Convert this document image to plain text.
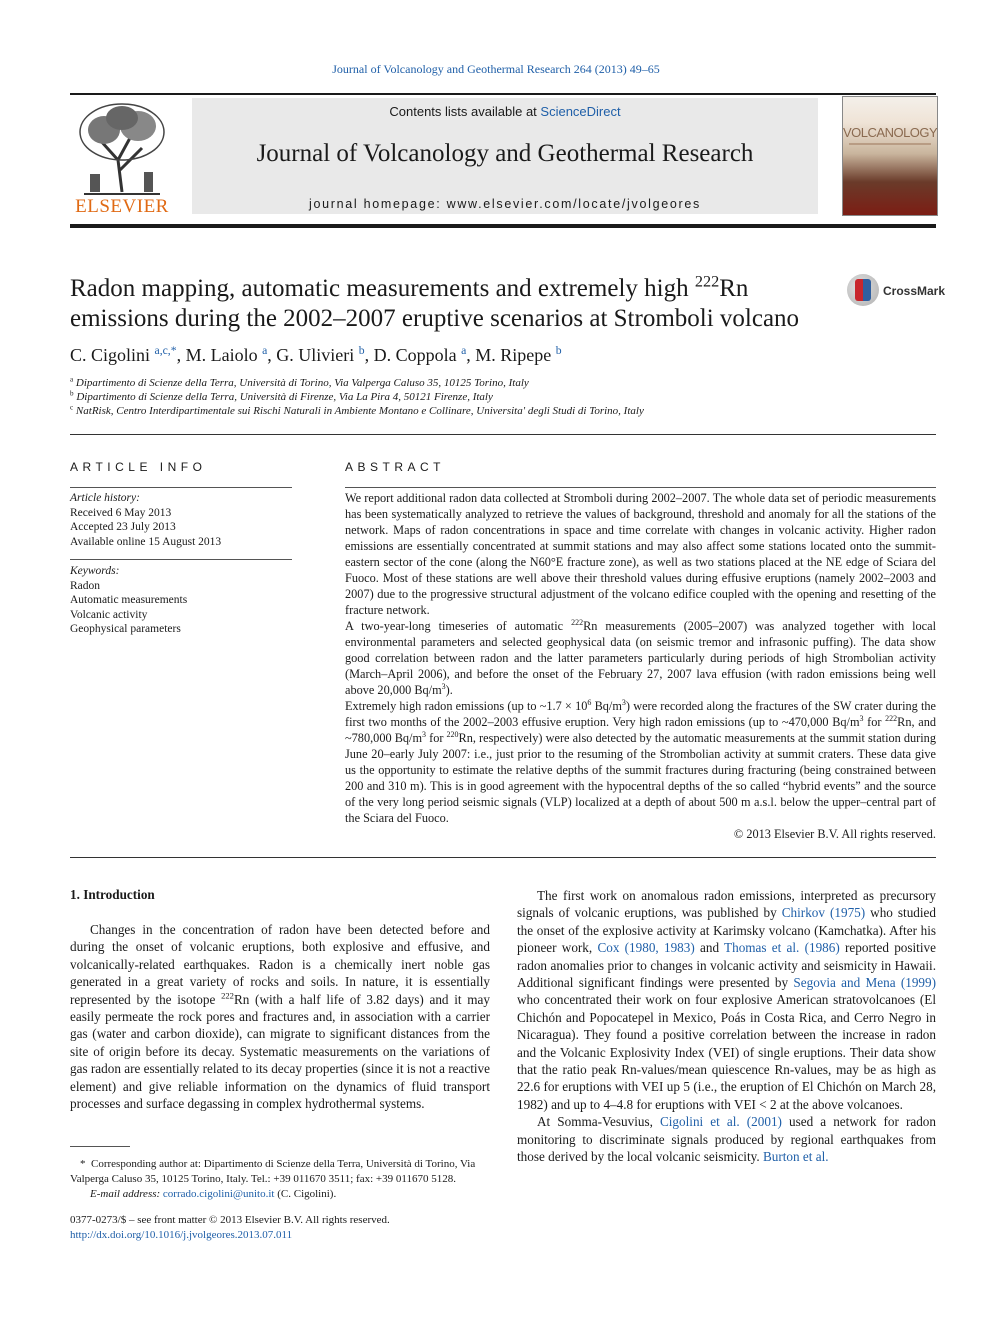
Journal of Volcanology and Geothermal Research 264 (2013) 49–65
ELSEVIER
Contents lists available at ScienceDirect
Journal of Volcanology and Geothermal Research
journal homepage: www.elsevier.com/locate/jvolgeores
VOLCANOLOGY
Radon mapping, automatic measurements and extremely high $^{222}$Rn emissions during the 2002–2007 eruptive scenarios at Stromboli volcano
CrossMark
C. Cigolini $^{a,c,*}$, M. Laiolo $^a$, G. Ulivieri $^b$, D. Coppola $^a$, M. Ripepe $^b$
$^a$ Dipartimento di Scienze della Terra, Università di Torino, Via Valperga Caluso 35, 10125 Torino, Italy
$^b$ Dipartimento di Scienze della Terra, Università di Firenze, Via La Pira 4, 50121 Firenze, Italy
$^c$ NatRisk, Centro Interdipartimentale sui Rischi Naturali in Ambiente Montano e Collinare, Universita' degli Studi di Torino, Italy
ARTICLE INFO
Article history:
Received 6 May 2013
Accepted 23 July 2013
Available online 15 August 2013
Keywords:
Radon
Automatic measurements
Volcanic activity
Geophysical parameters
ABSTRACT

We report additional radon data collected at Stromboli during 2002–2007. The whole data set of periodic measurements has been systematically analyzed to retrieve the values of background, threshold and anomaly for all the stations of the network. Maps of radon concentrations in space and time correlate with changes in volcanic activity. Higher radon emissions are essentially concentrated at summit stations and may also affect some stations located onto the summit-eastern sector of the cone (along the N60°E fracture zone), as well as two stations placed at the NE edge of Sciara del Fuoco. Most of these stations are well above their threshold values during effusive eruptions (namely 2002–2003 and 2007) due to the progressive structural adjustment of the volcano edifice coupled with the opening and resetting of the fracture network.

A two-year-long timeseries of automatic $^{222}$Rn measurements (2005–2007) was analyzed together with local environmental parameters and selected geophysical data (on seismic tremor and infrasonic puffing). The data show good correlation between radon and the latter parameters particularly during periods of high Strombolian activity (March–April 2006), and before the onset of the February 27, 2007 lava effusion (with radon emissions being well above 20,000 $Bq/m^3$).

Extremely high radon emissions (up to ~1.7 × $10^6$ $Bq/m^3$) were recorded along the fractures of the SW crater during the first two months of the 2002–2003 effusive eruption. Very high radon emissions (up to ~470,000 $Bq/m^3$ for $^{222}$Rn, and ~780,000 $Bq/m^3$ for $^{220}$Rn, respectively) were also detected by the automatic measurements at the summit station during June 20–early July 2007: i.e., just prior to the resuming of the Strombolian activity at summit craters. These data give us the opportunity to estimate the relative depths of the summit fractures during fracturing (being constrained between 200 and 310 m). This is in good agreement with the hypocentral depths of the so called “hybrid events” and the source of the very long period seismic signals (VLP) localized at a depth of about 500 m a.s.l. below the upper–central part of the Sciara del Fuoco.

© 2013 Elsevier B.V. All rights reserved.

1. Introduction

Changes in the concentration of radon have been detected before and during the onset of volcanic eruptions, both explosive and effusive, and volcanically-related earthquakes. Radon is a chemically inert noble gas generated in a great variety of rocks and soils. In nature, it is essentially represented by the isotope $^{222}$Rn (with a half life of 3.82 days) and it may easily permeate the rock pores and fractures and, in association with a carrier gas (water and carbon dioxide), can migrate to significant distances from the site of origin before its decay. Systematic measurements on the variations of gas radon are essentially related to its decay properties (since it is not a reactive element) and give reliable information on the dynamics of fluid transport processes and surface degassing in complex hydrothermal systems.

The first work on anomalous radon emissions, interpreted as precursory signals of volcanic eruptions, was published by Chirkov (1975) who studied the onset of the explosive activity at Karimsky volcano (Kamchatka). After his pioneer work, Cox (1980, 1983) and Thomas et al. (1986) reported positive radon anomalies prior to changes in volcanic activity and seismicity in Hawaii. Additional significant findings were presented by Segovia and Mena (1999) who concentrated their work on four explosive American stratovolcanoes (El Chichón and Popocatepel in Mexico, Poás in Costa Rica, and Cerro Negro in Nicaragua). They found a positive correlation between the increase in radon and the Volcanic Explosivity Index (VEI) of single eruptions. Their data show that the ratio peak Rn-values/mean quiescence Rn-values, may be as high as 22.6 for eruptions with VEI up 5 (i.e., the eruption of El Chichón on March 28, 1982) and up to 4–4.8 for eruptions with VEI < 2 at the above volcanoes.

At Somma-Vesuvius, Cigolini et al. (2001) used a network for radon monitoring to discriminate signals produced by regional earthquakes from those derived by the local volcanic seismicity. Burton et al.

* Corresponding author at: Dipartimento di Scienze della Terra, Università di Torino, Via Valperga Caluso 35, 10125 Torino, Italy. Tel.: +39 011670 3511; fax: +39 011670 5128.
E-mail address: corrado.cigolini@unito.it (C. Cigolini).
0377-0273/$ – see front matter © 2013 Elsevier B.V. All rights reserved.
http://dx.doi.org/10.1016/j.jvolgeores.2013.07.011
